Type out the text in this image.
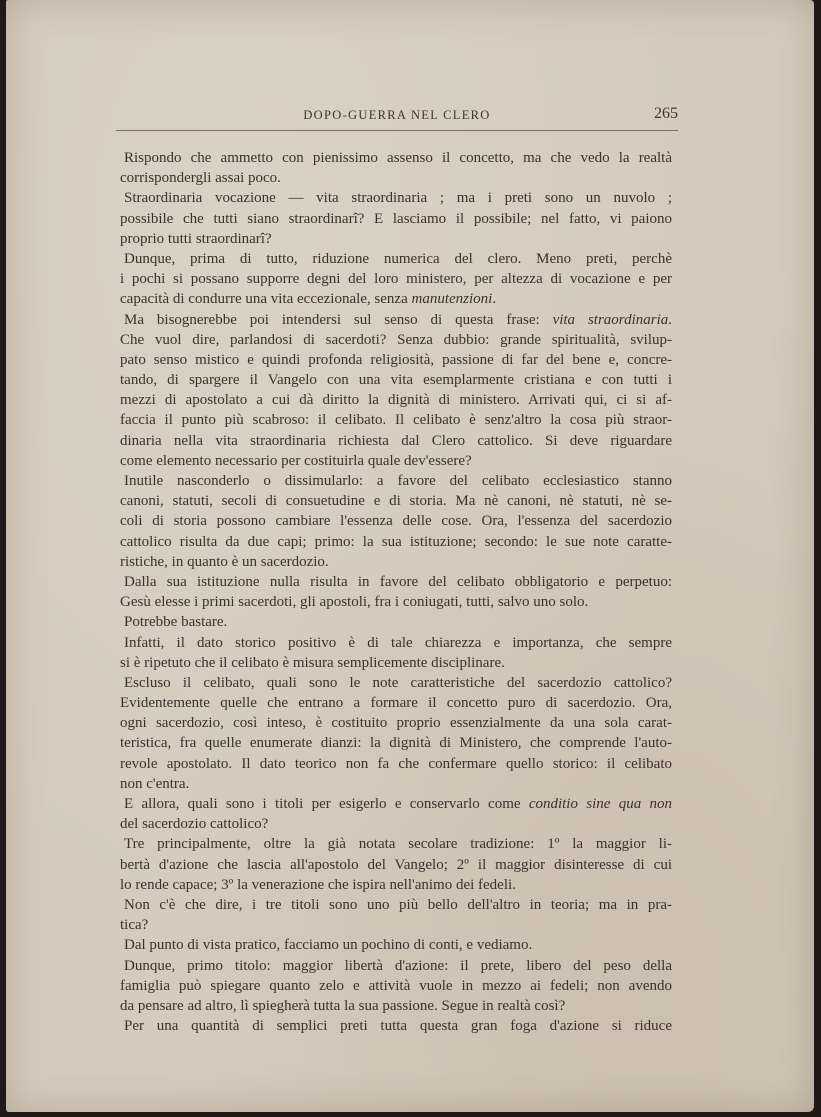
DOPO-GUERRA NEL CLERO	265
Rispondo che ammetto con pienissimo assenso il concetto, ma che vedo la realtà
corrispondergli assai poco.
Straordinaria vocazione — vita straordinaria ; ma i preti sono un nuvolo ;
possibile che tutti siano straordinarî? E lasciamo il possibile; nel fatto, vi paiono
proprio tutti straordinarî?
Dunque, prima di tutto, riduzione numerica del clero. Meno preti, perchè
i pochi si possano supporre degni del loro ministero, per altezza di vocazione e per
capacità di condurre una vita eccezionale, senza manutenzioni.
Ma bisognerebbe poi intendersi sul senso di questa frase: vita straordinaria.
Che vuol dire, parlandosi di sacerdoti? Senza dubbio: grande spiritualità, svilup-
pato senso mistico e quindi profonda religiosità, passione di far del bene e, concre-
tando, di spargere il Vangelo con una vita esemplarmente cristiana e con tutti i
mezzi di apostolato a cui dà diritto la dignità di ministero. Arrivati qui, ci si af-
faccia il punto più scabroso: il celibato. Il celibato è senz'altro la cosa più straor-
dinaria nella vita straordinaria richiesta dal Clero cattolico. Si deve riguardare
come elemento necessario per costituirla quale dev'essere?
Inutile nasconderlo o dissimularlo: a favore del celibato ecclesiastico stanno
canoni, statuti, secoli di consuetudine e di storia. Ma nè canoni, nè statuti, nè se-
coli di storia possono cambiare l'essenza delle cose. Ora, l'essenza del sacerdozio
cattolico risulta da due capi; primo: la sua istituzione; secondo: le sue note caratte-
ristiche, in quanto è un sacerdozio.
Dalla sua istituzione nulla risulta in favore del celibato obbligatorio e perpetuo:
Gesù elesse i primi sacerdoti, gli apostoli, fra i coniugati, tutti, salvo uno solo.
Potrebbe bastare.
Infatti, il dato storico positivo è di tale chiarezza e importanza, che sempre
si è ripetuto che il celibato è misura semplicemente disciplinare.
Escluso il celibato, quali sono le note caratteristiche del sacerdozio cattolico?
Evidentemente quelle che entrano a formare il concetto puro di sacerdozio. Ora,
ogni sacerdozio, così inteso, è costituito proprio essenzialmente da una sola carat-
teristica, fra quelle enumerate dianzi: la dignità di Ministero, che comprende l'auto-
revole apostolato. Il dato teorico non fa che confermare quello storico: il celibato
non c'entra.
E allora, quali sono i titoli per esigerlo e conservarlo come conditio sine qua non
del sacerdozio cattolico?
Tre principalmente, oltre la già notata secolare tradizione: 1º la maggior li-
bertà d'azione che lascia all'apostolo del Vangelo; 2º il maggior disinteresse di cui
lo rende capace; 3º la venerazione che ispira nell'animo dei fedeli.
Non c'è che dire, i tre titoli sono uno più bello dell'altro in teoria; ma in pra-
tica?
Dal punto di vista pratico, facciamo un pochino di conti, e vediamo.
Dunque, primo titolo: maggior libertà d'azione: il prete, libero del peso della
famiglia può spiegare quanto zelo e attività vuole in mezzo ai fedeli; non avendo
da pensare ad altro, lì spiegherà tutta la sua passione. Segue in realtà così?
Per una quantità di semplici preti tutta questa gran foga d'azione si riduce
